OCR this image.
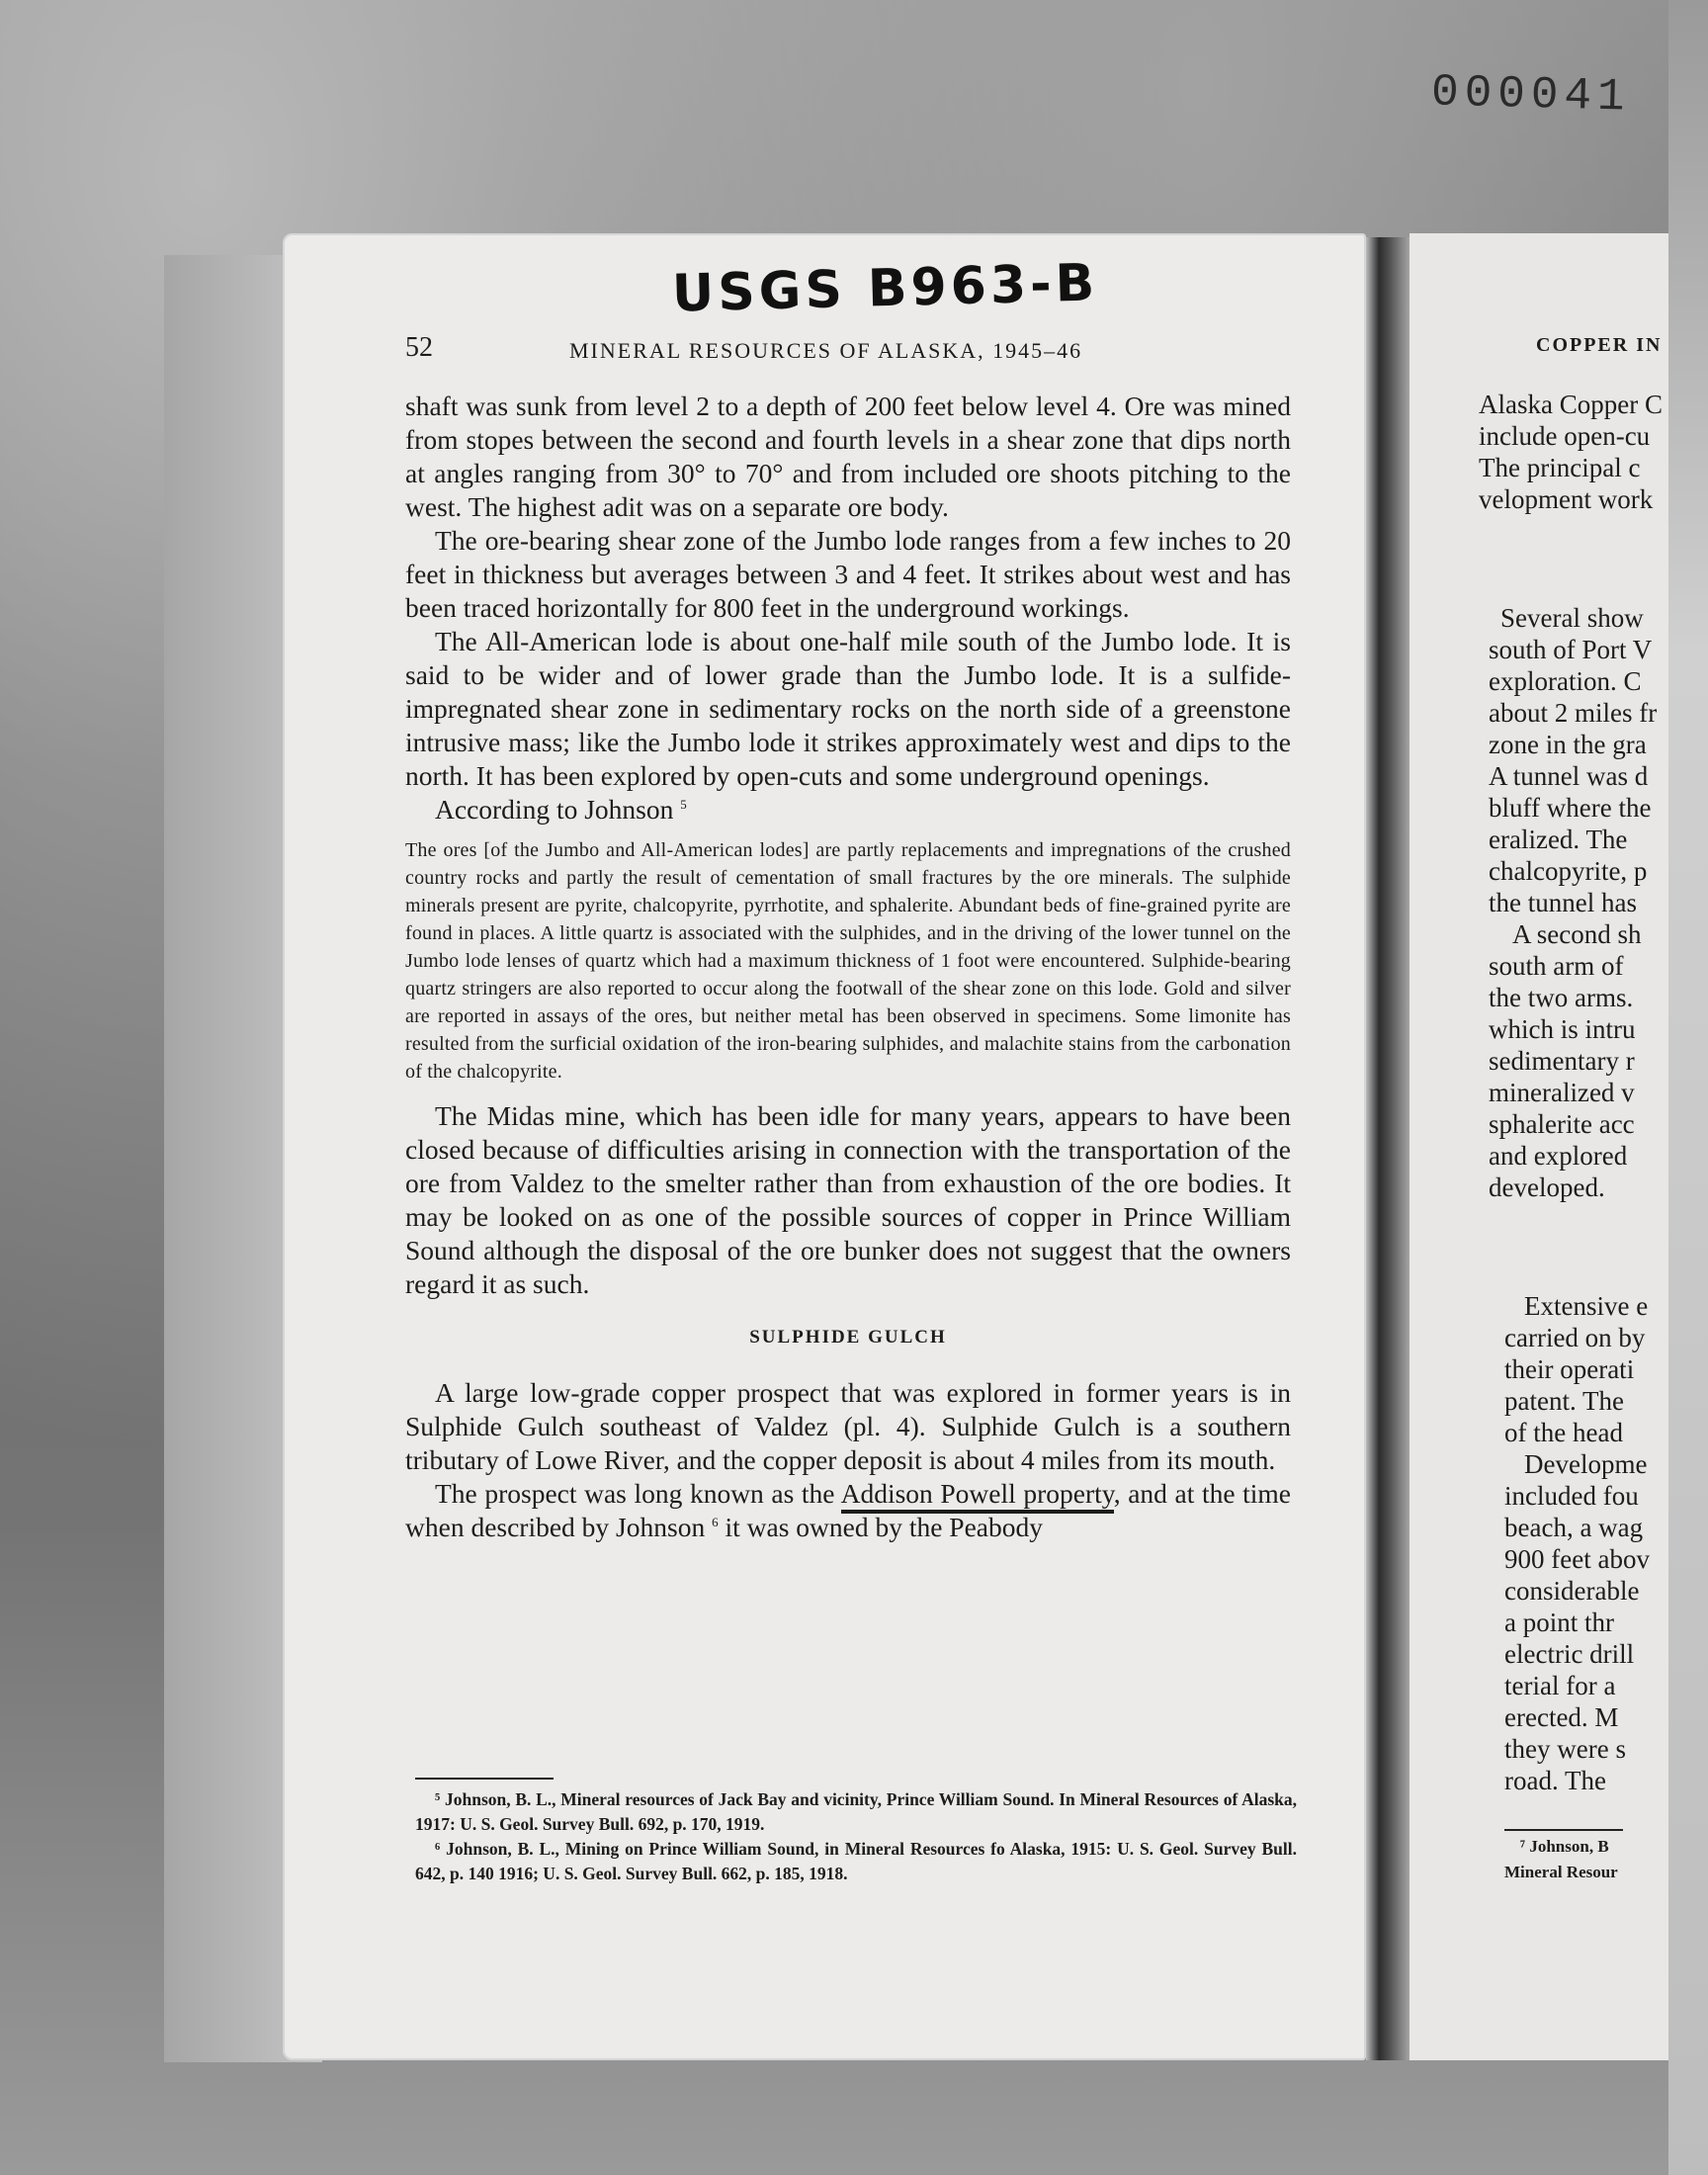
000041
USGS B963-B
52	MINERAL RESOURCES OF ALASKA, 1945–46

shaft was sunk from level 2 to a depth of 200 feet below level 4. Ore was mined from stopes between the second and fourth levels in a shear zone that dips north at angles ranging from 30° to 70° and from included ore shoots pitching to the west. The highest adit was on a separate ore body.

The ore-bearing shear zone of the Jumbo lode ranges from a few inches to 20 feet in thickness but averages between 3 and 4 feet. It strikes about west and has been traced horizontally for 800 feet in the underground workings.

The All-American lode is about one-half mile south of the Jumbo lode. It is said to be wider and of lower grade than the Jumbo lode. It is a sulfide-impregnated shear zone in sedimentary rocks on the north side of a greenstone intrusive mass; like the Jumbo lode it strikes approximately west and dips to the north. It has been explored by open-cuts and some underground openings.

According to Johnson $^5$

The ores [of the Jumbo and All-American lodes] are partly replacements and impregnations of the crushed country rocks and partly the result of cementation of small fractures by the ore minerals. The sulphide minerals present are pyrite, chalcopyrite, pyrrhotite, and sphalerite. Abundant beds of fine-grained pyrite are found in places. A little quartz is associated with the sulphides, and in the driving of the lower tunnel on the Jumbo lode lenses of quartz which had a maximum thickness of 1 foot were encountered. Sulphide-bearing quartz stringers are also reported to occur along the footwall of the shear zone on this lode. Gold and silver are reported in assays of the ores, but neither metal has been observed in specimens. Some limonite has resulted from the surficial oxidation of the iron-bearing sulphides, and malachite stains from the carbonation of the chalcopyrite.

The Midas mine, which has been idle for many years, appears to have been closed because of difficulties arising in connection with the transportation of the ore from Valdez to the smelter rather than from exhaustion of the ore bodies. It may be looked on as one of the possible sources of copper in Prince William Sound although the disposal of the ore bunker does not suggest that the owners regard it as such.

SULPHIDE GULCH

A large low-grade copper prospect that was explored in former years is in Sulphide Gulch southeast of Valdez (pl. 4). Sulphide Gulch is a southern tributary of Lowe River, and the copper deposit is about 4 miles from its mouth.

The prospect was long known as the Addison Powell property, and at the time when described by Johnson $^6$ it was owned by the Peabody

⁵ Johnson, B. L., Mineral resources of Jack Bay and vicinity, Prince William Sound. In Mineral Resources of Alaska, 1917: U. S. Geol. Survey Bull. 692, p. 170, 1919.

⁶ Johnson, B. L., Mining on Prince William Sound, in Mineral Resources fo Alaska, 1915: U. S. Geol. Survey Bull. 642, p. 140 1916; U. S. Geol. Survey Bull. 662, p. 185, 1918.

COPPER IN
Alaska Copper C
include open-cu
The principal c
velopment work
Several show
south of Port V
exploration. C
about 2 miles fr
zone in the gra
A tunnel was d
bluff where the
eralized. The
chalcopyrite, p
the tunnel has
A second sh
south arm of
the two arms.
which is intru
sedimentary r
mineralized v
sphalerite acc
and explored
developed.
Extensive e
carried on by
their operati
patent. The
of the head
Developme
included fou
beach, a wag
900 feet abov
considerable
a point thr
electric drill
terial for a
erected. M
they were s
road. The
⁷ Johnson, B
Mineral Resour
